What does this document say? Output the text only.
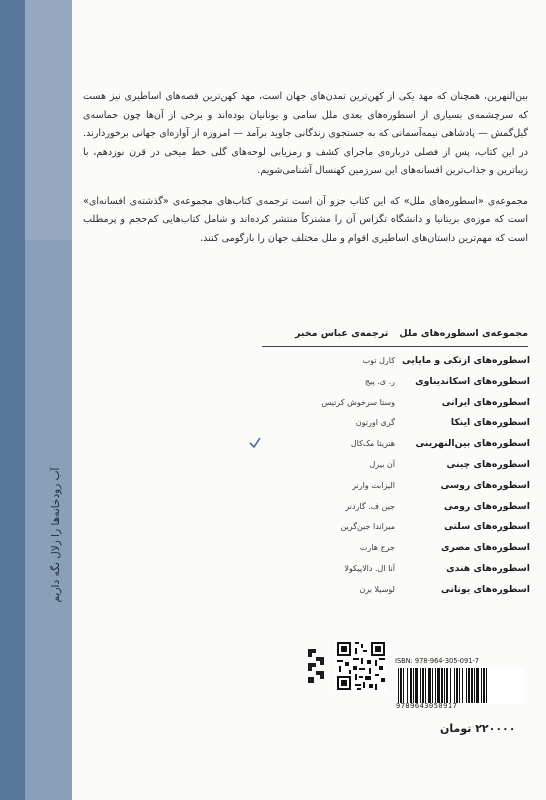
آب رودخانه‌ها را زلال نگه داریم

بین‌النهرین، همچنان که مهد یکی از کهن‌ترین تمدن‌های جهان است، مهد کهن‌ترین قصه‌های اساطیری نیز هست که سرچشمه‌ی بسیاری از اسطوره‌های بعدی ملل سامی و یونانیان بوده‌اند و برخی از آن‌ها چون حماسه‌ی گیل‌گمش — پادشاهی نیمه‌آسمانی که به جستجوی زندگانی جاوید برآمد — امروزه از آوازه‌ای جهانی برخوردارند. در این کتاب، پس از فصلی درباره‌ی ماجرای کشف و رمزیابی لوحه‌های گلی خط میخی در قرن نوزدهم، با زیباترین و جذاب‌ترین افسانه‌های این سرزمین کهنسال آشنامی‌شویم.

مجموعه‌ی «اسطوره‌های ملل» که این کتاب جزو آن است ترجمه‌ی کتاب‌های مجموعه‌ی «گذشته‌ی افسانه‌ای» است که موزه‌ی بریتانیا و دانشگاه تگزاس آن را مشترکاً منتشر کرده‌اند و شامل کتاب‌هایی کم‌حجم و پرمطلب است که مهم‌ترین داستان‌های اساطیری اقوام و ملل مختلف جهان را بازگومی کنند.

مجموعه‌ی اسطوره‌های ملل ترجمه‌ی عباس مخبر
اسطوره‌های ازتکی و مایایی
کارل توب
اسطوره‌های اسکاندیناوی
ر. ی. پیج
اسطوره‌های ایرانی
وستا سرخوش کرتیس
اسطوره‌های اینکا
گری اورتون
اسطوره‌های بین‌النهرینی
هنریتا مک‌کال
اسطوره‌های چینی
آن بیرل
اسطوره‌های روسی
الیزابت وارنر
اسطوره‌های رومی
جین ف. گاردنر
اسطوره‌های سلتی
میراندا جین‌گرین
اسطوره‌های مصری
جرج هارت
اسطوره‌های هندی
آنا ال. دالاپیکولا
اسطوره‌های یونانی
لوسیلا برن
ISBN: 978-964-305-091-7
9789643050917
۲۲۰۰۰۰ تومان
